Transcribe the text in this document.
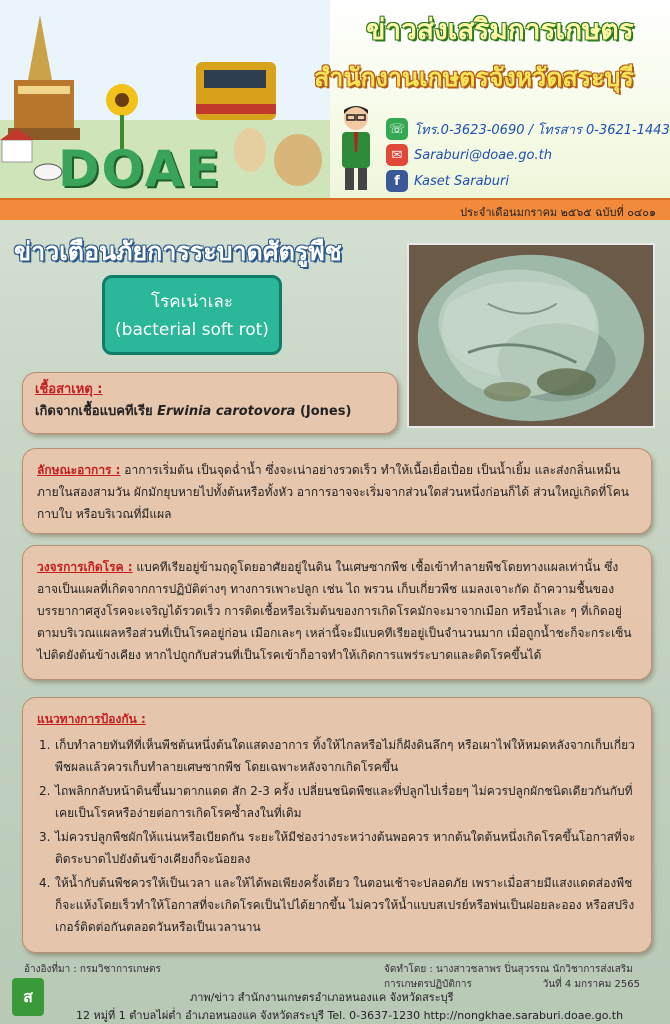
DOAE
ข่าวส่งเสริมการเกษตร
สำนักงานเกษตรจังหวัดสระบุรี
☏ โทร.0-3623-0690 / โทรสาร 0-3621-1443
✉ Saraburi@doae.go.th
f	Kaset Saraburi
ประจำเดือนมกราคม ๒๕๖๕ ฉบับที่ ๐๔๐๑
ข่าวเตือนภัยการระบาดศัตรูพืช
โรคเน่าเละ
(bacterial soft rot)
เชื้อสาเหตุ :
เกิดจากเชื้อแบคทีเรีย Erwinia carotovora (Jones)
ลักษณะอาการ : อาการเริ่มต้น เป็นจุดฉ่ำน้ำ ซึ่งจะเน่าอย่างรวดเร็ว ทำให้เนื้อเยื่อเปื่อย เป็นน้ำเยิ้ม และส่งกลิ่นเหม็นภายในสองสามวัน ผักมักยุบหายไปทั้งต้นหรือทั้งหัว อาการอาจจะเริ่มจากส่วนใดส่วนหนึ่งก่อนก็ได้ ส่วนใหญ่เกิดที่โคนกาบใบ หรือบริเวณที่มีแผล
วงจรการเกิดโรค : แบคทีเรียอยู่ข้ามฤดูโดยอาศัยอยู่ในดิน ในเศษซากพืช เชื้อเข้าทำลายพืชโดยทางแผลเท่านั้น ซึ่งอาจเป็นแผลที่เกิดจากการปฏิบัติต่างๆ ทางการเพาะปลูก เช่น ไถ พรวน เก็บเกี่ยวพืช แมลงเจาะกัด ถ้าความชื้นของบรรยากาศสูงโรคจะเจริญได้รวดเร็ว การติดเชื้อหรือเริ่มต้นของการเกิดโรคมักจะมาจากเมือก หรือน้ำเละ ๆ ที่เกิดอยู่ตามบริเวณแผลหรือส่วนที่เป็นโรคอยู่ก่อน เมือกเละๆ เหล่านี้จะมีแบคทีเรียอยู่เป็นจำนวนมาก เมื่อถูกน้ำชะก็จะกระเซ็นไปติดยังต้นข้างเคียง หากไปถูกกับส่วนที่เป็นโรคเข้าก็อาจทำให้เกิดการแพร่ระบาดและติดโรคขึ้นได้
แนวทางการป้องกัน :
1. เก็บทำลายทันทีที่เห็นพืชต้นหนึ่งต้นใดแสดงอาการ ทิ้งให้ไกลหรือไม่ก็ฝังดินลึกๆ หรือเผาไฟให้หมดหลังจากเก็บเกี่ยวพืชผลแล้วควรเก็บทำลายเศษซากพืช โดยเฉพาะหลังจากเกิดโรคขึ้น
2. ไถพลิกกลับหน้าดินขึ้นมาตากแดด สัก 2-3 ครั้ง เปลี่ยนชนิดพืชและที่ปลูกไปเรื่อยๆ ไม่ควรปลูกผักชนิดเดียวกันกับที่เคยเป็นโรคหรือง่ายต่อการเกิดโรคซ้ำลงในที่เดิม
3. ไม่ควรปลูกพืชผักให้แน่นหรือเบียดกัน ระยะให้มีช่องว่างระหว่างต้นพอควร หากต้นใดต้นหนึ่งเกิดโรคขึ้นโอกาสที่จะติดระบาดไปยังต้นข้างเคียงก็จะน้อยลง
4. ให้น้ำกับต้นพืชควรให้เป็นเวลา และให้ได้พอเพียงครั้งเดียว ในตอนเช้าจะปลอดภัย เพราะเมื่อสายมีแสงแดดส่องพืชก็จะแห้งโดยเร็วทำให้โอกาสที่จะเกิดโรคเป็นไปได้ยากขึ้น ไม่ควรให้น้ำแบบสเปรย์หรือพ่นเป็นฝอยละออง หรือสปริงเกอร์ติดต่อกันตลอดวันหรือเป็นเวลานาน
อ้างอิงที่มา : กรมวิชาการเกษตร	จัดทำโดย : นางสาวชลาพร ปิ่นสุวรรณ นักวิชาการส่งเสริมการเกษตรปฏิบัติการ	วันที่ 4 มกราคม 2565
ส	ภาพ/ข่าว สำนักงานเกษตรอำเภอหนองแค จังหวัดสระบุรี
12 หมู่ที่ 1 ตำบลไผ่ต่ำ อำเภอหนองแค จังหวัดสระบุรี Tel. 0-3637-1230 http://nongkhae.saraburi.doae.go.th
